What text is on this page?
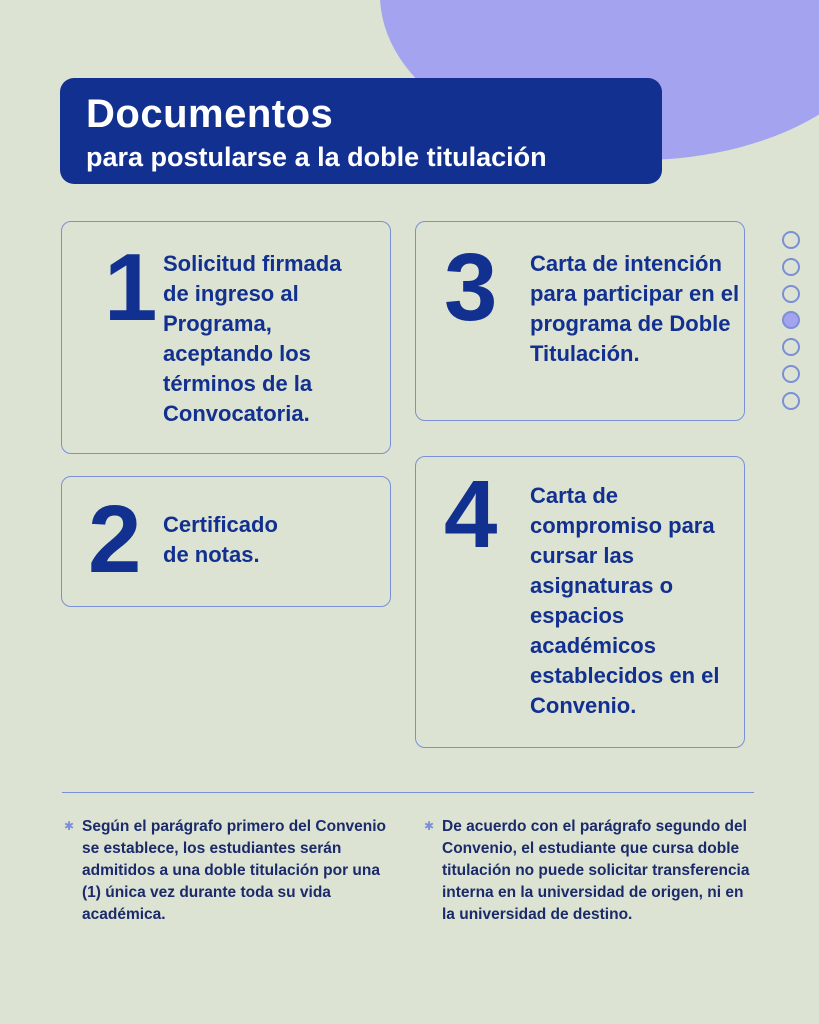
Documentos
para postularse a la doble titulación
1 Solicitud firmada de ingreso al Programa, aceptando los términos de la Convocatoria.
2 Certificado de notas.
3 Carta de intención para participar en el programa de Doble Titulación.
4 Carta de compromiso para cursar las asignaturas o espacios académicos establecidos en el Convenio.
✱ Según el parágrafo primero del Convenio se establece, los estudiantes serán admitidos a una doble titulación por una (1) única vez durante toda su vida académica.
✱ De acuerdo con el parágrafo segundo del Convenio, el estudiante que cursa doble titulación no puede solicitar transferencia interna en la universidad de origen, ni en la universidad de destino.
